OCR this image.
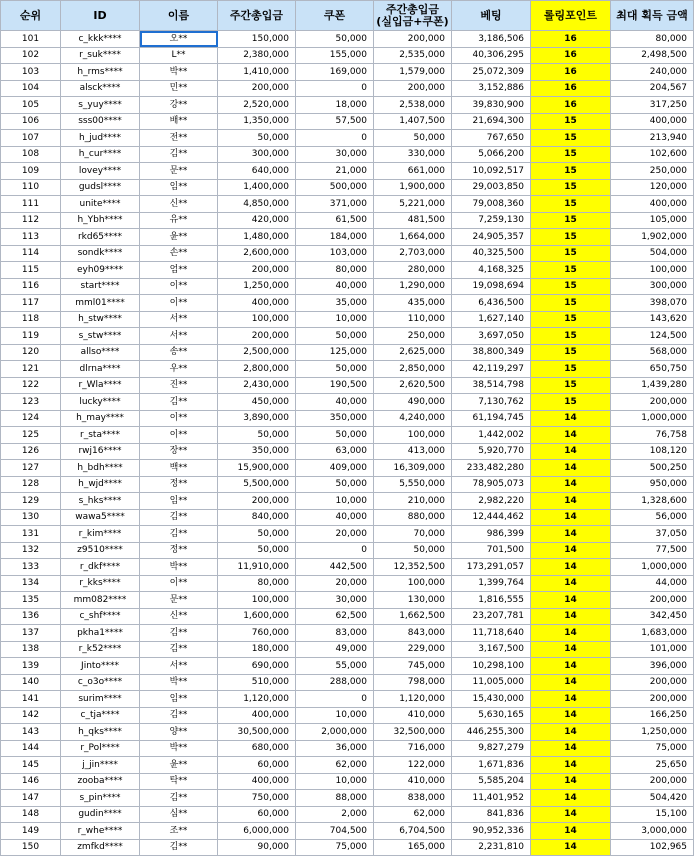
순위	ID	이름	주간총입금	쿠폰	주간총입금
(실입금+쿠폰)	베팅	롤링포인트	최대 획득 금액
101	c_kkk****	오**	150,000	50,000	200,000	3,186,506	16	80,000
102	r_suk****	L**	2,380,000	155,000	2,535,000	40,306,295	16	2,498,500
103	h_rms****	박**	1,410,000	169,000	1,579,000	25,072,309	16	240,000
104	alsck****	민**	200,000	0	200,000	3,152,886	16	204,567
105	s_yuy****	강**	2,520,000	18,000	2,538,000	39,830,900	16	317,250
106	sss00****	배**	1,350,000	57,500	1,407,500	21,694,300	15	400,000
107	h_jud****	전**	50,000	0	50,000	767,650	15	213,940
108	h_cur****	김**	300,000	30,000	330,000	5,066,200	15	102,600
109	lovey****	문**	640,000	21,000	661,000	10,092,517	15	250,000
110	gudsl****	임**	1,400,000	500,000	1,900,000	29,003,850	15	120,000
111	unite****	신**	4,850,000	371,000	5,221,000	79,008,360	15	400,000
112	h_Ybh****	유**	420,000	61,500	481,500	7,259,130	15	105,000
113	rkd65****	윤**	1,480,000	184,000	1,664,000	24,905,357	15	1,902,000
114	sondk****	손**	2,600,000	103,000	2,703,000	40,325,500	15	504,000
115	eyh09****	엄**	200,000	80,000	280,000	4,168,325	15	100,000
116	start****	이**	1,250,000	40,000	1,290,000	19,098,694	15	300,000
117	mml01****	이**	400,000	35,000	435,000	6,436,500	15	398,070
118	h_stw****	서**	100,000	10,000	110,000	1,627,140	15	143,620
119	s_stw****	서**	200,000	50,000	250,000	3,697,050	15	124,500
120	allso****	송**	2,500,000	125,000	2,625,000	38,800,349	15	568,000
121	dlrna****	우**	2,800,000	50,000	2,850,000	42,119,297	15	650,750
122	r_Wla****	진**	2,430,000	190,500	2,620,500	38,514,798	15	1,439,280
123	lucky****	김**	450,000	40,000	490,000	7,130,762	15	200,000
124	h_may****	이**	3,890,000	350,000	4,240,000	61,194,745	14	1,000,000
125	r_sta****	이**	50,000	50,000	100,000	1,442,002	14	76,758
126	rwj16****	장**	350,000	63,000	413,000	5,920,770	14	108,120
127	h_bdh****	백**	15,900,000	409,000	16,309,000	233,482,280	14	500,250
128	h_wjd****	정**	5,500,000	50,000	5,550,000	78,905,073	14	950,000
129	s_hks****	임**	200,000	10,000	210,000	2,982,220	14	1,328,600
130	wawa5****	김**	840,000	40,000	880,000	12,444,462	14	56,000
131	r_kim****	김**	50,000	20,000	70,000	986,399	14	37,050
132	z9510****	정**	50,000	0	50,000	701,500	14	77,500
133	r_dkf****	박**	11,910,000	442,500	12,352,500	173,291,057	14	1,000,000
134	r_kks****	이**	80,000	20,000	100,000	1,399,764	14	44,000
135	mm082****	문**	100,000	30,000	130,000	1,816,555	14	200,000
136	c_shf****	신**	1,600,000	62,500	1,662,500	23,207,781	14	342,450
137	pkha1****	김**	760,000	83,000	843,000	11,718,640	14	1,683,000
138	r_k52****	김**	180,000	49,000	229,000	3,167,500	14	101,000
139	Jinto****	서**	690,000	55,000	745,000	10,298,100	14	396,000
140	c_o3o****	박**	510,000	288,000	798,000	11,005,000	14	200,000
141	surim****	임**	1,120,000	0	1,120,000	15,430,000	14	200,000
142	c_tja****	김**	400,000	10,000	410,000	5,630,165	14	166,250
143	h_qks****	양**	30,500,000	2,000,000	32,500,000	446,255,300	14	1,250,000
144	r_Pol****	박**	680,000	36,000	716,000	9,827,279	14	75,000
145	j_jin****	윤**	60,000	62,000	122,000	1,671,836	14	25,650
146	zooba****	탁**	400,000	10,000	410,000	5,585,204	14	200,000
147	s_pin****	김**	750,000	88,000	838,000	11,401,952	14	504,420
148	gudin****	심**	60,000	2,000	62,000	841,836	14	15,100
149	r_whe****	조**	6,000,000	704,500	6,704,500	90,952,336	14	3,000,000
150	zmfkd****	김**	90,000	75,000	165,000	2,231,810	14	102,965
